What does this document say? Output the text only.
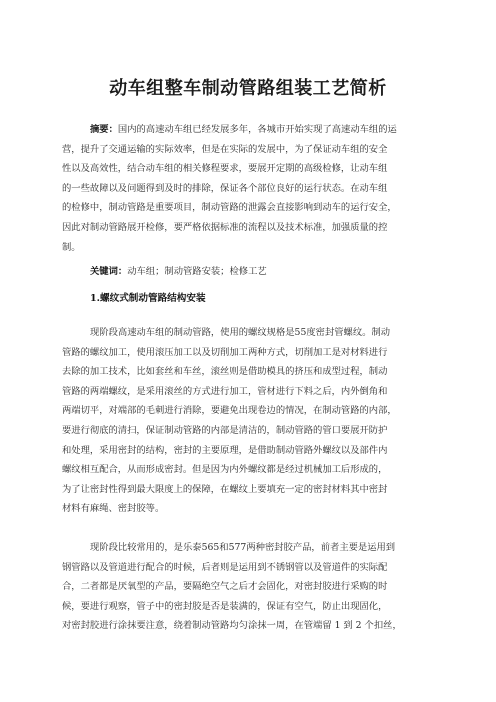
动车组整车制动管路组装工艺简析
摘要：国内的高速动车组已经发展多年，各城市开始实现了高速动车组的运
营，提升了交通运输的实际效率，但是在实际的发展中，为了保证动车组的安全
性以及高效性，结合动车组的相关修程要求，要展开定期的高级检修，让动车组
的一些故障以及问题得到及时的排除，保证各个部位良好的运行状态。在动车组
的检修中，制动管路是重要项目，制动管路的泄露会直接影响到动车的运行安全，
因此对制动管路展开检修，要严格依据标准的流程以及技术标准，加强质量的控
制。
关键词：动车组；制动管路安装；检修工艺
1.螺纹式制动管路结构安装
现阶段高速动车组的制动管路，使用的螺纹规格是55度密封管螺纹。制动
管路的螺纹加工，使用滚压加工以及切削加工两种方式，切削加工是对材料进行
去除的加工技术，比如套丝和车丝，滚丝则是借助模具的挤压和成型过程，制动
管路的两端螺纹，是采用滚丝的方式进行加工，管材进行下料之后，内外倒角和
两端切平，对端部的毛刺进行消除，要避免出现卷边的情况，在制动管路的内部，
要进行彻底的清扫，保证制动管路的内部是清洁的，制动管路的管口要展开防护
和处理，采用密封的结构，密封的主要原理，是借助制动管路外螺纹以及部件内
螺纹相互配合，从而形成密封。但是因为内外螺纹都是经过机械加工后形成的，
为了让密封性得到最大限度上的保障，在螺纹上要填充一定的密封材料其中密封
材料有麻绳、密封胶等。
现阶段比较常用的，是乐泰565和577两种密封胶产品，前者主要是运用到
钢管路以及管道进行配合的时候，后者则是运用到不锈钢管以及管道件的实际配
合，二者都是厌氧型的产品，要隔绝空气之后才会固化，对密封胶进行采购的时
候，要进行观察，管子中的密封胶是否是装满的，保证有空气，防止出现固化，
对密封胶进行涂抹要注意，绕着制动管路均匀涂抹一周，在管端留 1 到 2 个扣丝，
